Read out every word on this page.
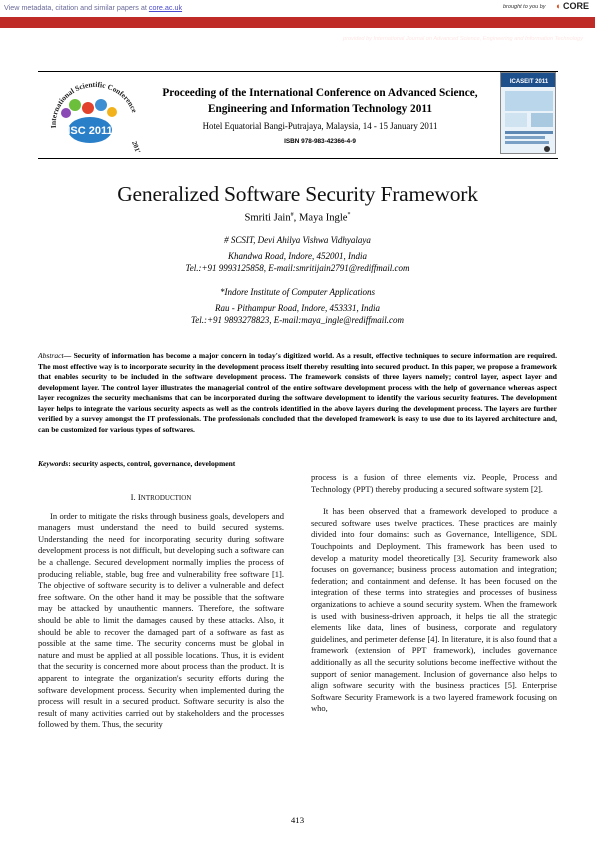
View metadata, citation and similar papers at core.ac.uk	brought to you by ◖ CORE
provided by International Journal on Advanced Science, Engineering and Information Technology
International Scientific Conference
2011
ISC 2011
Proceeding of the International Conference on Advanced Science,
Engineering and Information Technology 2011
Hotel Equatorial Bangi-Putrajaya, Malaysia, 14 - 15 January 2011
ISBN 978-983-42366-4-9
ICASEIT 2011
Generalized Software Security Framework
Smriti Jain#, Maya Ingle*
# SCSIT, Devi Ahilya Vishwa Vidhyalaya
Khandwa Road, Indore, 452001, India
Tel.:+91 9993125858, E-mail:smritijain2791@rediffmail.com
*Indore Institute of Computer Applications
Rau - Pithampur Road, Indore, 453331, India
Tel.:+91 9893278823, E-mail:maya_ingle@rediffmail.com
Abstract— Security of information has become a major concern in today's digitized world. As a result, effective techniques to secure information are required. The most effective way is to incorporate security in the development process itself thereby resulting into secured product. In this paper, we propose a framework that enables security to be included in the software development process. The framework consists of three layers namely; control layer, aspect layer and development layer. The control layer illustrates the managerial control of the entire software development process with the help of governance whereas aspect layer recognizes the security mechanisms that can be incorporated during the software development to identify the various security features. The development layer helps to integrate the various security aspects as well as the controls identified in the above layers during the development process. The layers are further verified by a survey amongst the IT professionals. The professionals concluded that the developed framework is easy to use due to its layered architecture and, can be customized for various types of softwares.
Keywords: security aspects, control, governance, development

I. INTRODUCTION

In order to mitigate the risks through business goals, developers and managers must understand the need to build secured systems. Understanding the need for incorporating security during software development process is not difficult, but developing such a software can be a challenge. Secured development normally implies the process of producing reliable, stable, bug free and vulnerability free software [1]. The objective of software security is to deliver a vulnerable and defect free software. On the other hand it may be possible that the software may be attacked by unauthentic manners. Therefore, the software should be able to limit the damages caused by these attacks. Also, it should be able to recover the damaged part of a software as fast as possible at the same time. The security concerns must be global in nature and must be applied at all possible locations. Thus, it is evident that the security is concerned more about process than the product. It is apparent to integrate the organization's security efforts during the software development process. Security when implemented during the process will result in a secured product. Software security is also the result of many activities carried out by stakeholders and the processes followed by them. Thus, the security

process is a fusion of three elements viz. People, Process and Technology (PPT) thereby producing a secured software system [2].

It has been observed that a framework developed to produce a secured software uses twelve practices. These practices are mainly divided into four domains: such as Governance, Intelligence, SDL Touchpoints and Deployment. This framework has been used to develop a maturity model theoretically [3]. Security framework also focuses on governance; business process automation and integration; federation; and containment and defense. It has been focused on the integration of these terms into strategies and processes of business organizations to achieve a sound security system. When the framework is used with business-driven approach, it helps tie all the strategic elements like data, lines of business, corporate and regulatory guidelines, and perimeter defense [4]. In literature, it is also found that a framework (extension of PPT framework), includes governance additionally as all the security solutions become ineffective without the support of senior management. Inclusion of governance also helps to align software security with the business practices [5]. Enterprise Software Security Framework is a two layered framework focusing on who,

413
